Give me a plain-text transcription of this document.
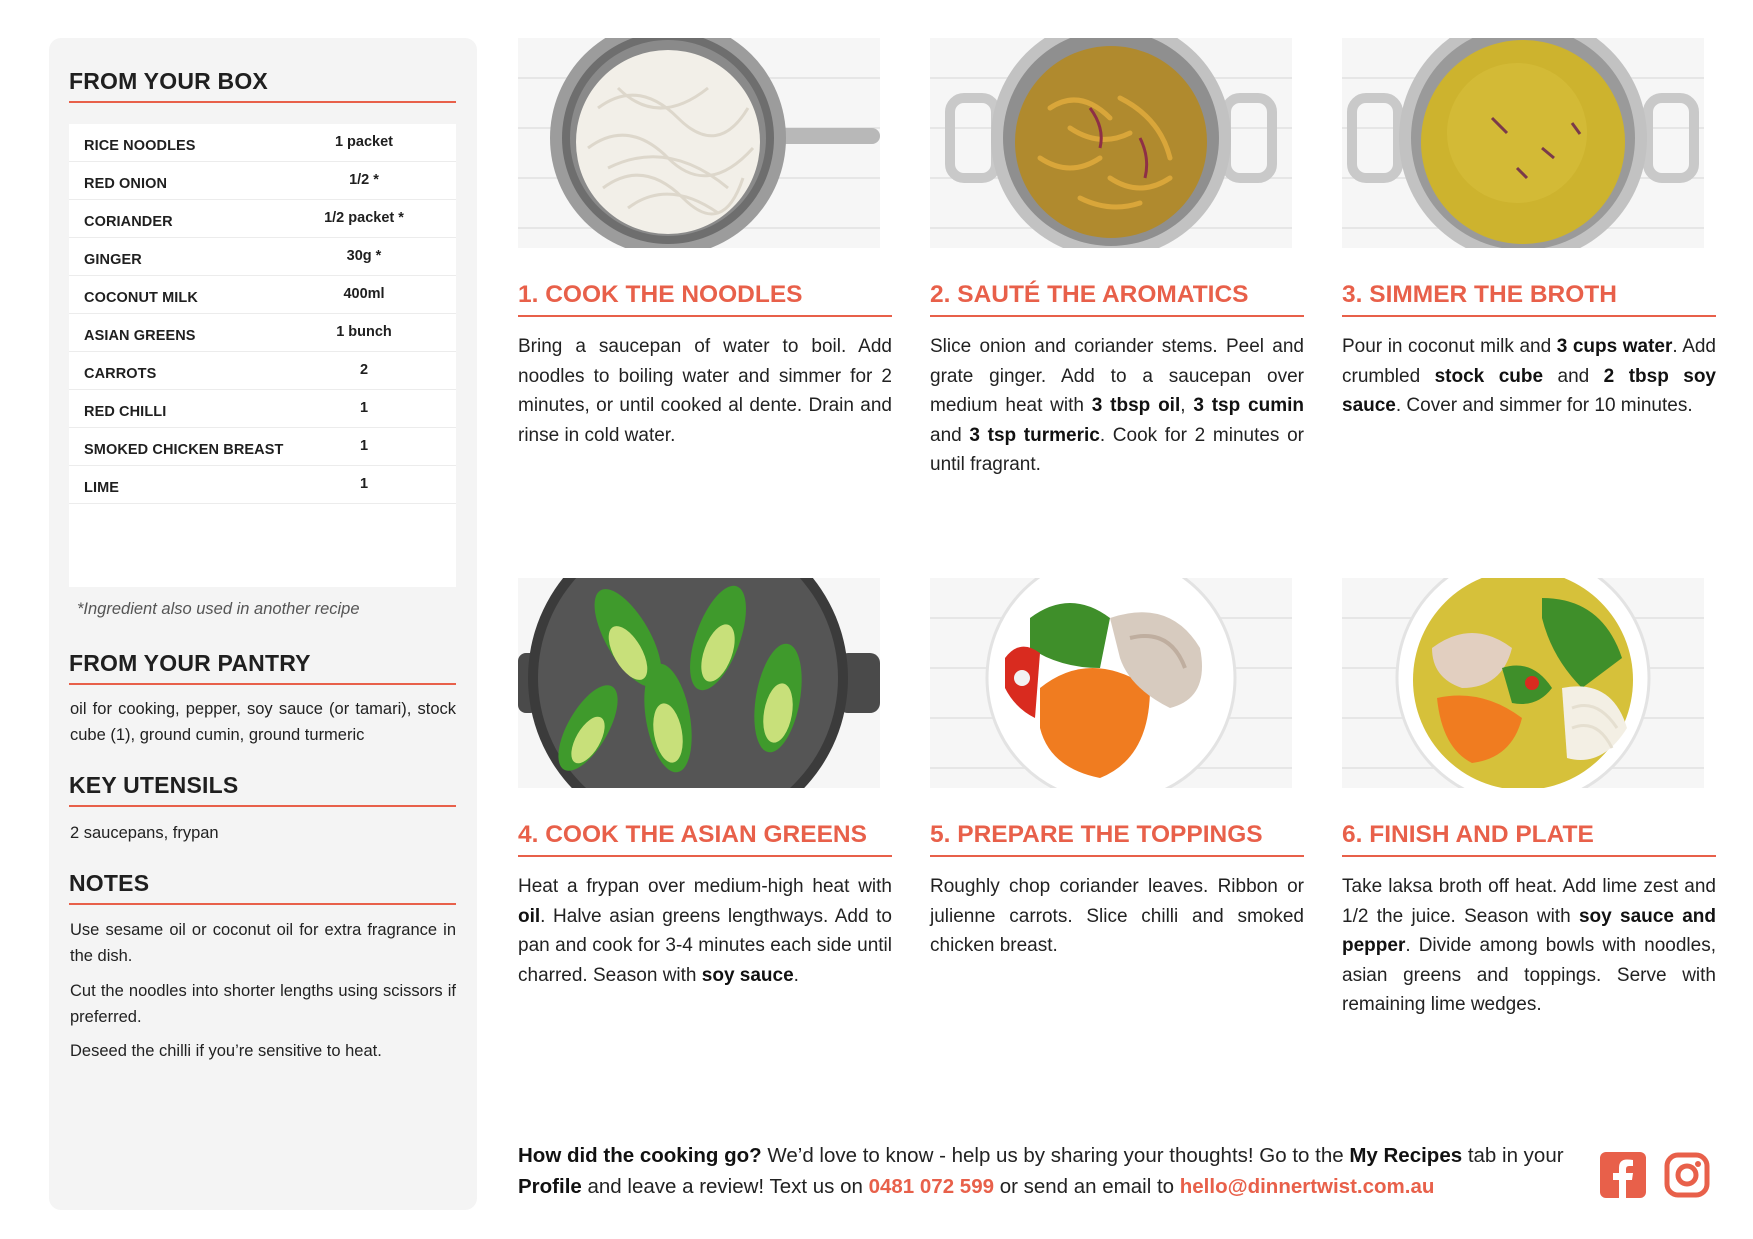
FROM YOUR BOX
RICE NOODLES	1 packet
RED ONION	1/2 *
CORIANDER	1/2 packet *
GINGER	30g *
COCONUT MILK	400ml
ASIAN GREENS	1 bunch
CARROTS	2
RED CHILLI	1
SMOKED CHICKEN BREAST	1
LIME	1
*Ingredient also used in another recipe
FROM YOUR PANTRY
oil for cooking, pepper, soy sauce (or tamari), stock cube (1), ground cumin, ground turmeric
KEY UTENSILS
2 saucepans, frypan
NOTES
Use sesame oil or coconut oil for extra fragrance in the dish.
Cut the noodles into shorter lengths using scissors if preferred.
Deseed the chilli if you’re sensitive to heat.
1. COOK THE NOODLES
Bring a saucepan of water to boil. Add noodles to boiling water and simmer for 2 minutes, or until cooked al dente. Drain and rinse in cold water.
2. SAUTÉ THE AROMATICS
Slice onion and coriander stems. Peel and grate ginger. Add to a saucepan over medium heat with 3 tbsp oil, 3 tsp cumin and 3 tsp turmeric. Cook for 2 minutes or until fragrant.
3. SIMMER THE BROTH
Pour in coconut milk and 3 cups water. Add crumbled stock cube and 2 tbsp soy sauce. Cover and simmer for 10 minutes.
4. COOK THE ASIAN GREENS
Heat a frypan over medium-high heat with oil. Halve asian greens lengthways. Add to pan and cook for 3-4 minutes each side until charred. Season with soy sauce.
5. PREPARE THE TOPPINGS
Roughly chop coriander leaves. Ribbon or julienne carrots. Slice chilli and smoked chicken breast.
6. FINISH AND PLATE
Take laksa broth off heat. Add lime zest and 1/2 the juice. Season with soy sauce and pepper. Divide among bowls with noodles, asian greens and toppings. Serve with remaining lime wedges.
How did the cooking go? We’d love to know - help us by sharing your thoughts! Go to the My Recipes tab in your Profile and leave a review! Text us on 0481 072 599 or send an email to hello@dinnertwist.com.au
